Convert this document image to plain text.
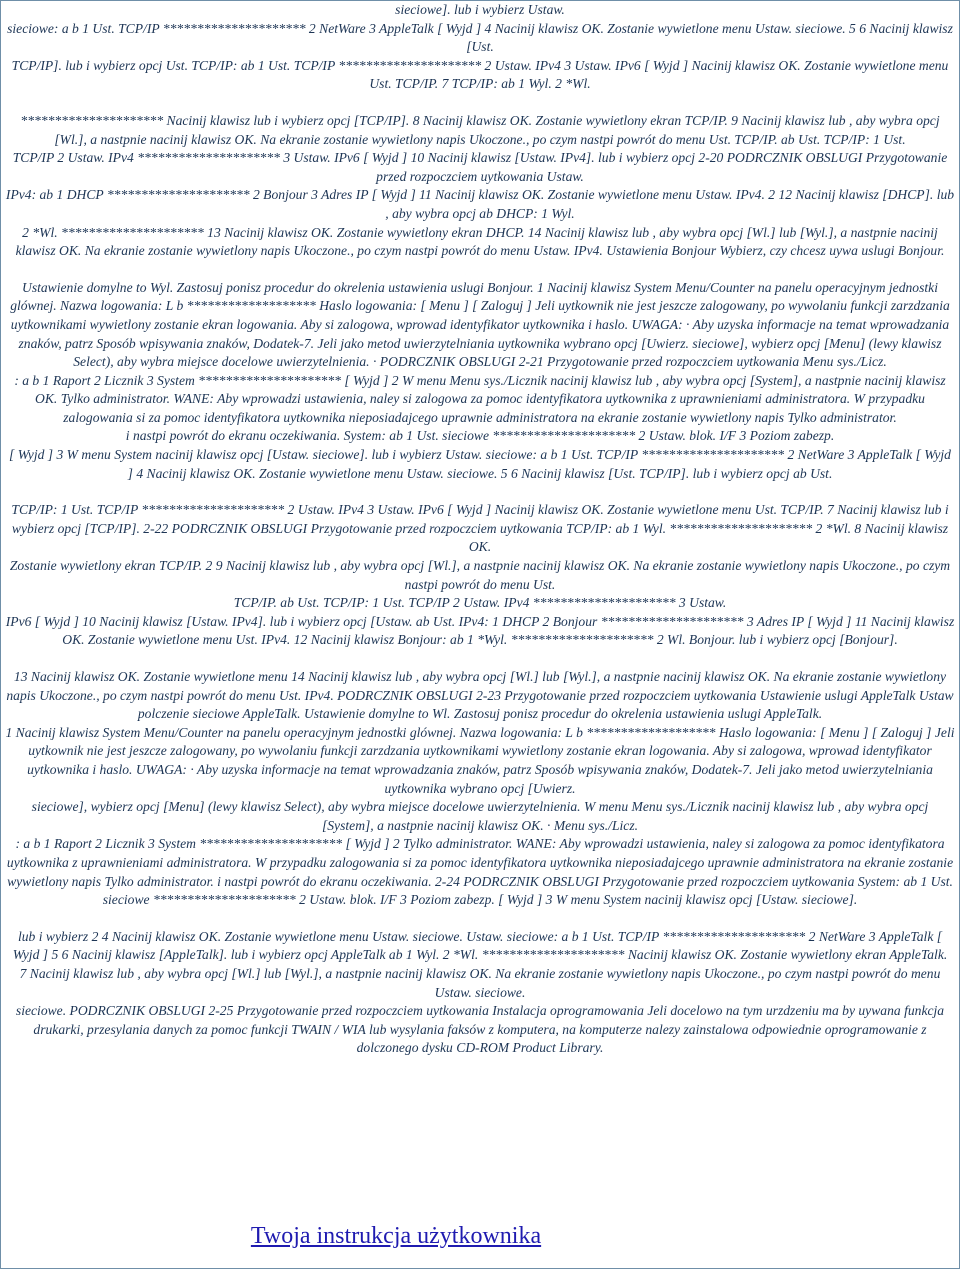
sieciowe]. lub i wybierz Ustaw.

sieciowe: a b 1 Ust. TCP/IP ********************* 2 NetWare 3 AppleTalk [ Wyjd ] 4 Nacinij klawisz OK. Zostanie wywietlone menu Ustaw. sieciowe. 5 6 Nacinij klawisz [Ust.

TCP/IP]. lub i wybierz opcj Ust. TCP/IP: ab 1 Ust. TCP/IP ********************* 2 Ustaw. IPv4 3 Ustaw. IPv6 [ Wyjd ] Nacinij klawisz OK. Zostanie wywietlone menu Ust. TCP/IP. 7 TCP/IP: ab 1 Wyl. 2 *Wl.

********************* Nacinij klawisz lub i wybierz opcj [TCP/IP]. 8 Nacinij klawisz OK. Zostanie wywietlony ekran TCP/IP. 9 Nacinij klawisz lub , aby wybra opcj [Wl.], a nastpnie nacinij klawisz OK. Na ekranie zostanie wywietlony napis Ukoczone., po czym nastpi powrót do menu Ust. TCP/IP. ab Ust. TCP/IP: 1 Ust.

TCP/IP 2 Ustaw. IPv4 ********************* 3 Ustaw. IPv6 [ Wyjd ] 10 Nacinij klawisz [Ustaw. IPv4]. lub i wybierz opcj 2-20 PODRCZNIK OBSLUGI Przygotowanie przed rozpoczciem uytkowania Ustaw.

IPv4: ab 1 DHCP ********************* 2 Bonjour 3 Adres IP [ Wyjd ] 11 Nacinij klawisz OK. Zostanie wywietlone menu Ustaw. IPv4. 2 12 Nacinij klawisz [DHCP]. lub , aby wybra opcj ab DHCP: 1 Wyl.

2 *Wl. ********************* 13 Nacinij klawisz OK. Zostanie wywietlony ekran DHCP. 14 Nacinij klawisz lub , aby wybra opcj [Wl.] lub [Wyl.], a nastpnie nacinij klawisz OK. Na ekranie zostanie wywietlony napis Ukoczone., po czym nastpi powrót do menu Ustaw. IPv4. Ustawienia Bonjour Wybierz, czy chcesz uywa uslugi Bonjour.

Ustawienie domylne to Wyl. Zastosuj ponisz procedur do okrelenia ustawienia uslugi Bonjour. 1 Nacinij klawisz System Menu/Counter na panelu operacyjnym jednostki glównej. Nazwa logowania: L b ******************* Haslo logowania: [ Menu ] [ Zaloguj ] Jeli uytkownik nie jest jeszcze zalogowany, po wywolaniu funkcji zarzdzania uytkownikami wywietlony zostanie ekran logowania. Aby si zalogowa, wprowad identyfikator uytkownika i haslo. UWAGA: · Aby uzyska informacje na temat wprowadzania znaków, patrz Sposób wpisywania znaków, Dodatek-7. Jeli jako metod uwierzytelniania uytkownika wybrano opcj [Uwierz. sieciowe], wybierz opcj [Menu] (lewy klawisz Select), aby wybra miejsce docelowe uwierzytelnienia. · PODRCZNIK OBSLUGI 2-21 Przygotowanie przed rozpoczciem uytkowania Menu sys./Licz.

: a b 1 Raport 2 Licznik 3 System ********************* [ Wyjd ] 2 W menu Menu sys./Licznik nacinij klawisz lub , aby wybra opcj [System], a nastpnie nacinij klawisz OK. Tylko administrator. WANE: Aby wprowadzi ustawienia, naley si zalogowa za pomoc identyfikatora uytkownika z uprawnieniami administratora. W przypadku zalogowania si za pomoc identyfikatora uytkownika nieposiadajcego uprawnie administratora na ekranie zostanie wywietlony napis Tylko administrator.

i nastpi powrót do ekranu oczekiwania. System: ab 1 Ust. sieciowe ********************* 2 Ustaw. blok. I/F 3 Poziom zabezp.

[ Wyjd ] 3 W menu System nacinij klawisz opcj [Ustaw. sieciowe]. lub i wybierz Ustaw. sieciowe: a b 1 Ust. TCP/IP ********************* 2 NetWare 3 AppleTalk [ Wyjd ] 4 Nacinij klawisz OK. Zostanie wywietlone menu Ustaw. sieciowe. 5 6 Nacinij klawisz [Ust. TCP/IP]. lub i wybierz opcj ab Ust.

TCP/IP: 1 Ust. TCP/IP ********************* 2 Ustaw. IPv4 3 Ustaw. IPv6 [ Wyjd ] Nacinij klawisz OK. Zostanie wywietlone menu Ust. TCP/IP. 7 Nacinij klawisz lub i wybierz opcj [TCP/IP]. 2-22 PODRCZNIK OBSLUGI Przygotowanie przed rozpoczciem uytkowania TCP/IP: ab 1 Wyl. ********************* 2 *Wl. 8 Nacinij klawisz OK.

Zostanie wywietlony ekran TCP/IP. 2 9 Nacinij klawisz lub , aby wybra opcj [Wl.], a nastpnie nacinij klawisz OK. Na ekranie zostanie wywietlony napis Ukoczone., po czym nastpi powrót do menu Ust.

TCP/IP. ab Ust. TCP/IP: 1 Ust. TCP/IP 2 Ustaw. IPv4 ********************* 3 Ustaw.

IPv6 [ Wyjd ] 10 Nacinij klawisz [Ustaw. IPv4]. lub i wybierz opcj [Ustaw. ab Ust. IPv4: 1 DHCP 2 Bonjour ********************* 3 Adres IP [ Wyjd ] 11 Nacinij klawisz OK. Zostanie wywietlone menu Ust. IPv4. 12 Nacinij klawisz Bonjour: ab 1 *Wyl. ********************* 2 Wl. Bonjour. lub i wybierz opcj [Bonjour].

13 Nacinij klawisz OK. Zostanie wywietlone menu 14 Nacinij klawisz lub , aby wybra opcj [Wl.] lub [Wyl.], a nastpnie nacinij klawisz OK. Na ekranie zostanie wywietlony napis Ukoczone., po czym nastpi powrót do menu Ust. IPv4. PODRCZNIK OBSLUGI 2-23 Przygotowanie przed rozpoczciem uytkowania Ustawienie uslugi AppleTalk Ustaw polczenie sieciowe AppleTalk. Ustawienie domylne to Wl. Zastosuj ponisz procedur do okrelenia ustawienia uslugi AppleTalk.

1 Nacinij klawisz System Menu/Counter na panelu operacyjnym jednostki glównej. Nazwa logowania: L b ******************* Haslo logowania: [ Menu ] [ Zaloguj ] Jeli uytkownik nie jest jeszcze zalogowany, po wywolaniu funkcji zarzdzania uytkownikami wywietlony zostanie ekran logowania. Aby si zalogowa, wprowad identyfikator uytkownika i haslo. UWAGA: · Aby uzyska informacje na temat wprowadzania znaków, patrz Sposób wpisywania znaków, Dodatek-7. Jeli jako metod uwierzytelniania uytkownika wybrano opcj [Uwierz.

sieciowe], wybierz opcj [Menu] (lewy klawisz Select), aby wybra miejsce docelowe uwierzytelnienia. W menu Menu sys./Licznik nacinij klawisz lub , aby wybra opcj [System], a nastpnie nacinij klawisz OK. · Menu sys./Licz.

: a b 1 Raport 2 Licznik 3 System ********************* [ Wyjd ] 2 Tylko administrator. WANE: Aby wprowadzi ustawienia, naley si zalogowa za pomoc identyfikatora uytkownika z uprawnieniami administratora. W przypadku zalogowania si za pomoc identyfikatora uytkownika nieposiadajcego uprawnie administratora na ekranie zostanie wywietlony napis Tylko administrator. i nastpi powrót do ekranu oczekiwania. 2-24 PODRCZNIK OBSLUGI Przygotowanie przed rozpoczciem uytkowania System: ab 1 Ust. sieciowe ********************* 2 Ustaw. blok. I/F 3 Poziom zabezp. [ Wyjd ] 3 W menu System nacinij klawisz opcj [Ustaw. sieciowe].

lub i wybierz 2 4 Nacinij klawisz OK. Zostanie wywietlone menu Ustaw. sieciowe. Ustaw. sieciowe: a b 1 Ust. TCP/IP ********************* 2 NetWare 3 AppleTalk [ Wyjd ] 5 6 Nacinij klawisz [AppleTalk]. lub i wybierz opcj AppleTalk ab 1 Wyl. 2 *Wl. ********************* Nacinij klawisz OK. Zostanie wywietlony ekran AppleTalk.

7 Nacinij klawisz lub , aby wybra opcj [Wl.] lub [Wyl.], a nastpnie nacinij klawisz OK. Na ekranie zostanie wywietlony napis Ukoczone., po czym nastpi powrót do menu Ustaw. sieciowe.

sieciowe. PODRCZNIK OBSLUGI 2-25 Przygotowanie przed rozpoczciem uytkowania Instalacja oprogramowania Jeli docelowo na tym urzdzeniu ma by uywana funkcja drukarki, przesylania danych za pomoc funkcji TWAIN / WIA lub wysylania faksów z komputera, na komputerze nalezy zainstalowa odpowiednie oprogramowanie z dolczonego dysku CD-ROM Product Library.

Twoja instrukcja użytkownika
